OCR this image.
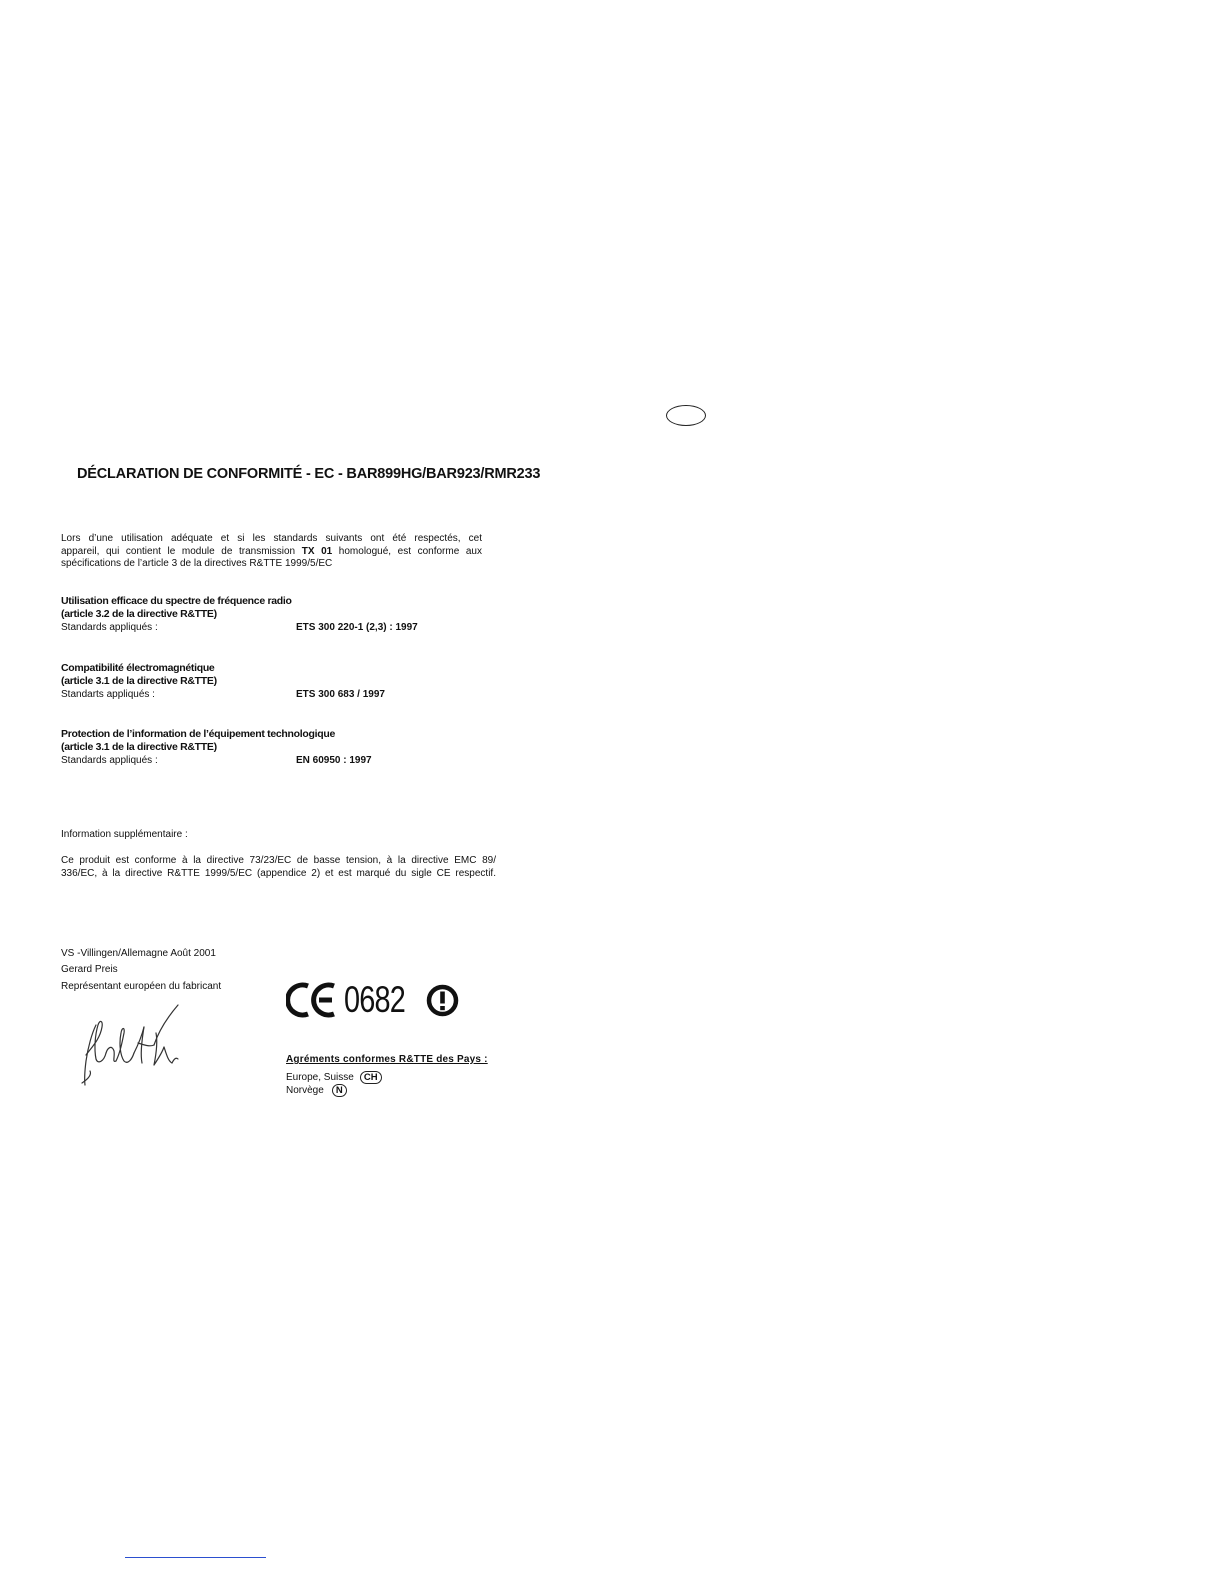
DÉCLARATION DE CONFORMITÉ - EC - BAR899HG/BAR923/RMR233
Lors d’une utilisation adéquate et si les standards suivants ont été respectés, cet
appareil, qui contient le module de transmission TX 01 homologué, est conforme aux
spécifications de l’article 3 de la directives R&TTE 1999/5/EC
Utilisation efficace du spectre de fréquence radio
(article 3.2 de la directive R&TTE)
Standards appliqués :	ETS 300 220-1 (2,3) : 1997
Compatibilité électromagnétique
(article 3.1 de la directive R&TTE)
Standarts appliqués :	ETS 300 683 / 1997
Protection de l’information de l’équipement technologique
(article 3.1 de la directive R&TTE)
Standards appliqués :	EN 60950 : 1997
Information supplémentaire :
Ce produit est conforme à la directive 73/23/EC de basse tension, à la directive EMC 89/
336/EC, à la directive R&TTE 1999/5/EC (appendice 2) et est marqué du sigle CE respectif.
VS -Villingen/Allemagne Août 2001
Gerard Preis
Représentant européen du fabricant	0682
Agréments conformes R&TTE des Pays :
Europe, Suisse	CH
Norvège	N
